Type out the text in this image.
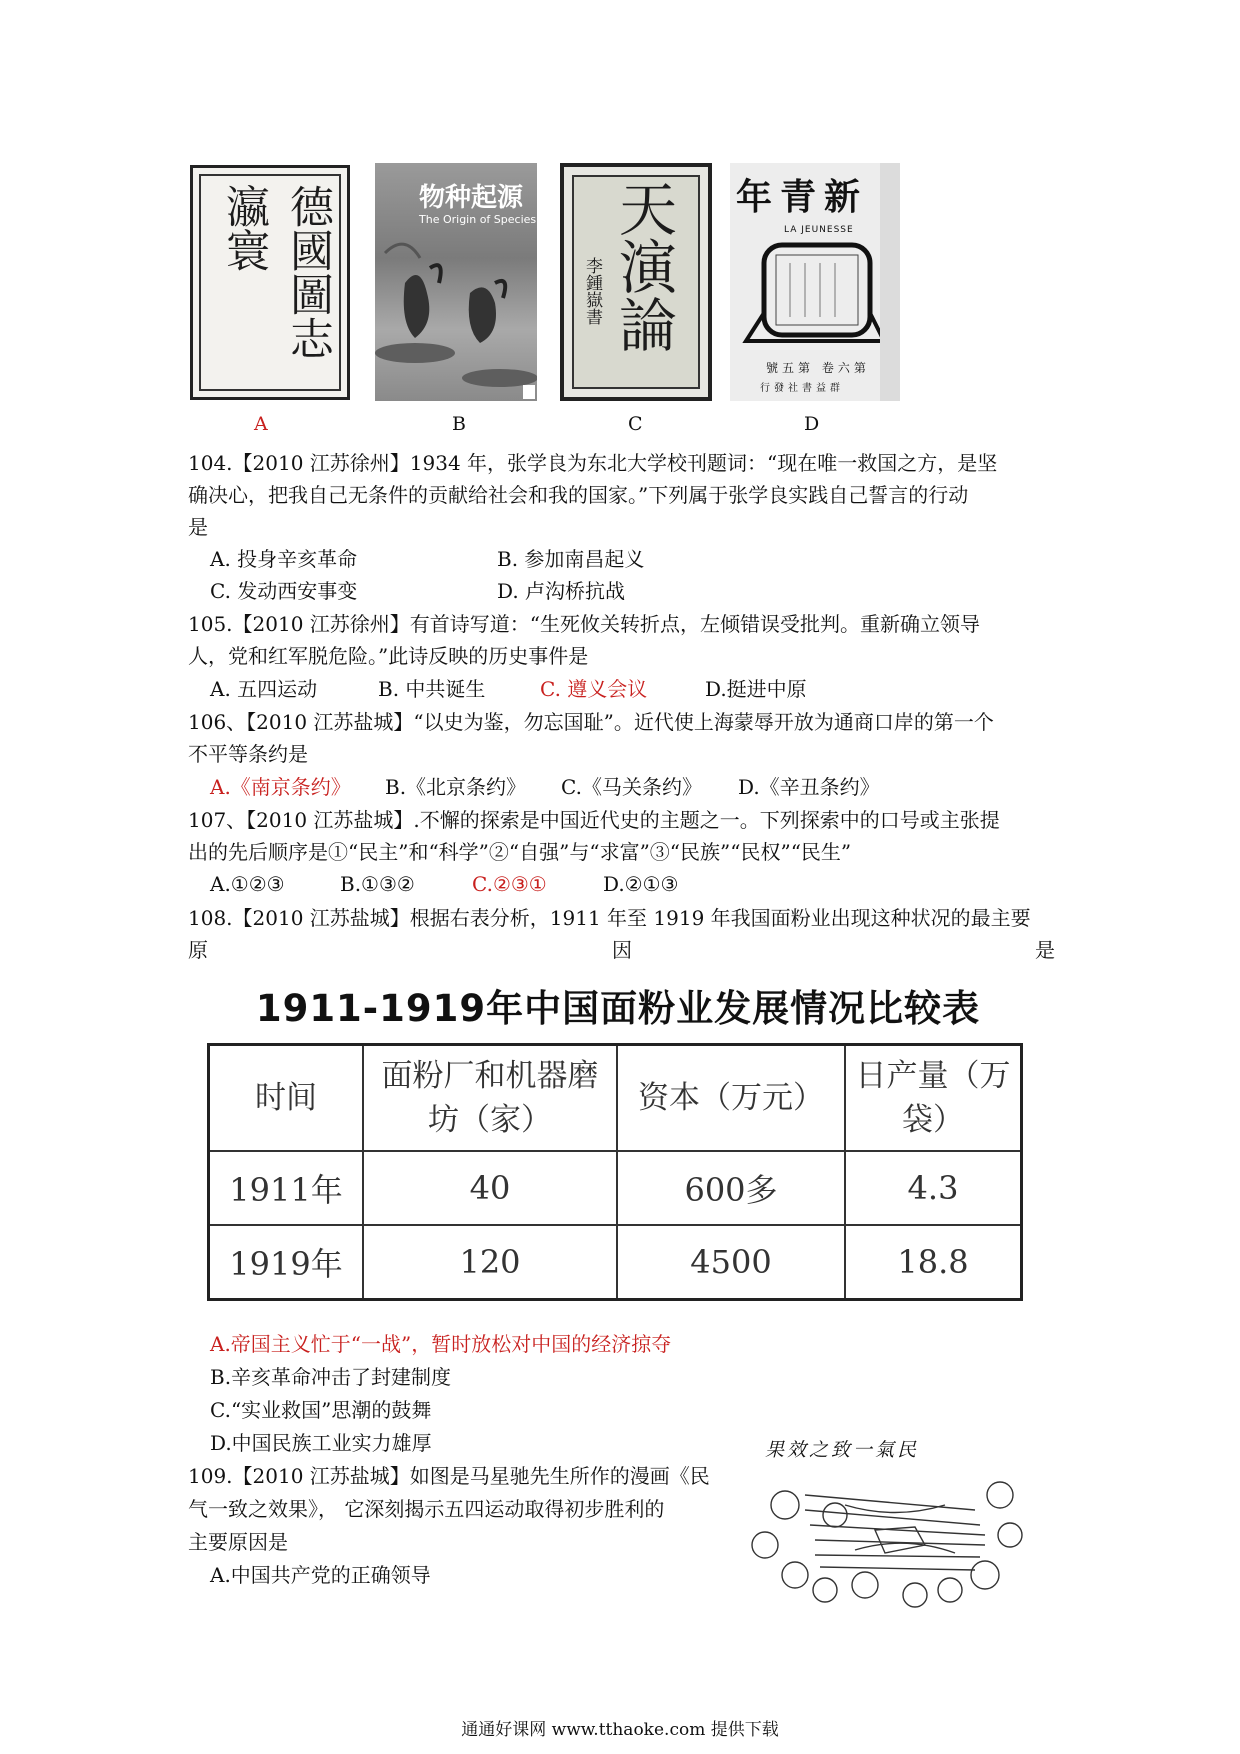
德國圖志
瀛寰	物种起源
The Origin of Species 天演論
李鍾嶽書
新青年
LA JEUNESSE
號五第 卷六第
行發社書益群
A	B	C	D
104.【2010 江苏徐州】1934 年，张学良为东北大学校刊题词：“现在唯一救国之方，是坚
确决心，把我自己无条件的贡献给社会和我的国家。”下列属于张学良实践自己誓言的行动
是
A. 投身辛亥革命	B. 参加南昌起义
C. 发动西安事变	D. 卢沟桥抗战
105.【2010 江苏徐州】有首诗写道：“生死攸关转折点，左倾错误受批判。重新确立领导
人，党和红军脱危险。”此诗反映的历史事件是
A. 五四运动	B. 中共诞生	C. 遵义会议	D.挺进中原
106、【2010 江苏盐城】“以史为鉴，勿忘国耻”。近代使上海蒙辱开放为通商口岸的第一个
不平等条约是
A.《南京条约》 B.《北京条约》 C.《马关条约》 D.《辛丑条约》
107、【2010 江苏盐城】.不懈的探索是中国近代史的主题之一。下列探索中的口号或主张提
出的先后顺序是①“民主”和“科学”②“自强”与“求富”③“民族”“民权”“民生”
A.①②③	B.①③②	C.②③①	D.②①③
108.【2010 江苏盐城】根据右表分析，1911 年至 1919 年我国面粉业出现这种状况的最主要
原	因	是
1911-1919年中国面粉业发展情况比较表
时间	面粉厂和机器磨坊（家）	资本（万元）	日产量（万袋）
1911年	40	600多	4.3
1919年	120	4500	18.8
A.帝国主义忙于“一战”，暂时放松对中国的经济掠夺
B.辛亥革命冲击了封建制度
C.“实业救国”思潮的鼓舞
D.中国民族工业实力雄厚
109.【2010 江苏盐城】如图是马星驰先生所作的漫画《民
气一致之效果》， 它深刻揭示五四运动取得初步胜利的
主要原因是
A.中国共产党的正确领导
果效之致一氣民
通通好课网 www.tthaoke.com 提供下载
